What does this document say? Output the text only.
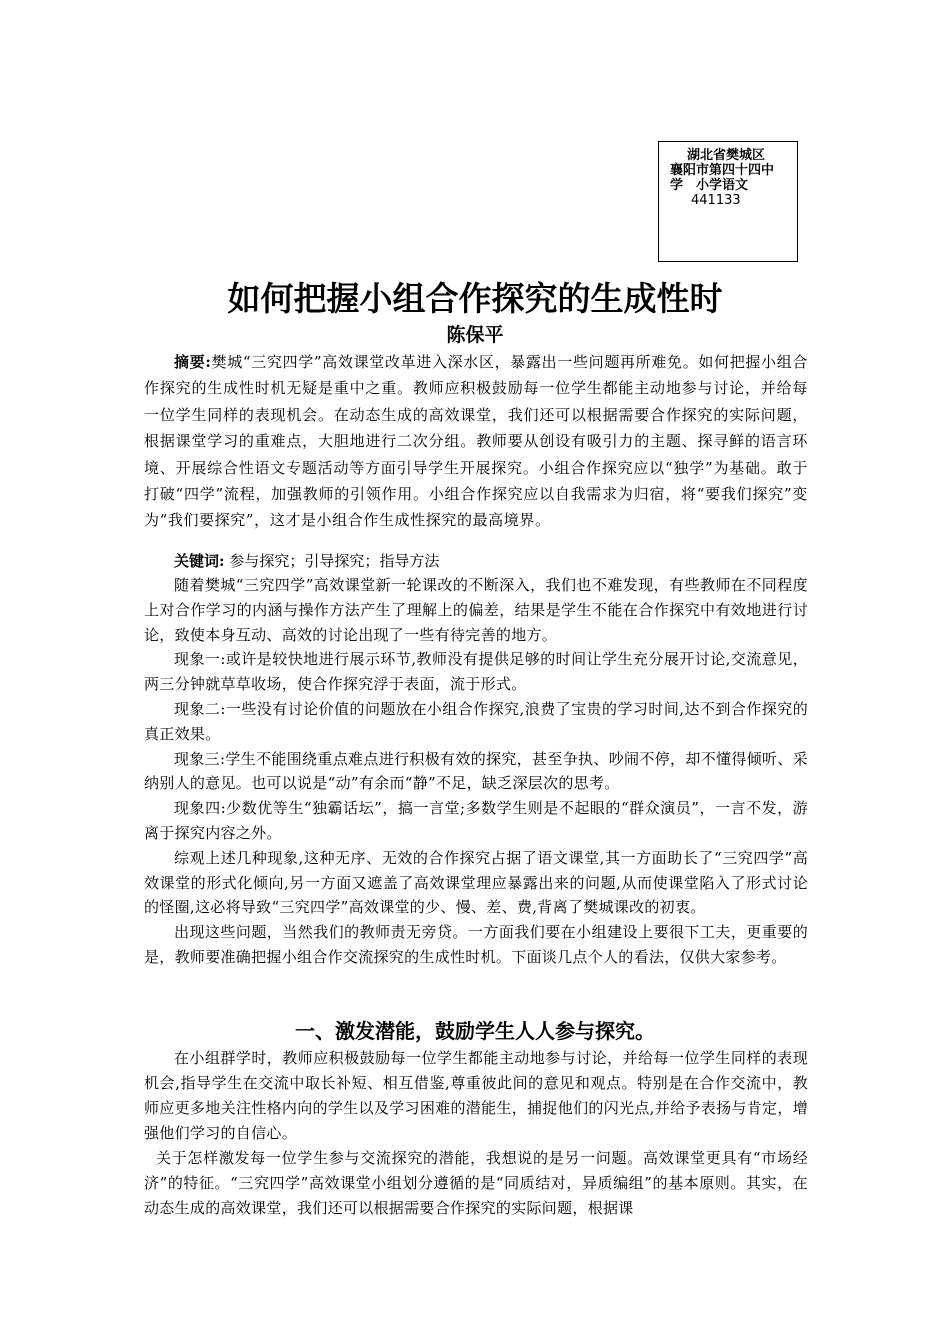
湖北省樊城区
襄阳市第四十四中
学　小学语文
441133
如何把握小组合作探究的生成性时
陈保平

摘要:樊城“三究四学”高效课堂改革进入深水区，暴露出一些问题再所难免。如何把握小组合作探究的生成性时机无疑是重中之重。教师应积极鼓励每一位学生都能主动地参与讨论，并给每一位学生同样的表现机会。在动态生成的高效课堂，我们还可以根据需要合作探究的实际问题，根据课堂学习的重难点，大胆地进行二次分组。教师要从创设有吸引力的主题、探寻鲜的语言环境、开展综合性语文专题活动等方面引导学生开展探究。小组合作探究应以“独学”为基础。敢于打破“四学”流程，加强教师的引领作用。小组合作探究应以自我需求为归宿，将“要我们探究”变为“我们要探究”，这才是小组合作生成性探究的最高境界。

关键词: 参与探究；引导探究；指导方法

随着樊城“三究四学”高效课堂新一轮课改的不断深入，我们也不难发现，有些教师在不同程度上对合作学习的内涵与操作方法产生了理解上的偏差，结果是学生不能在合作探究中有效地进行讨论，致使本身互动、高效的讨论出现了一些有待完善的地方。

现象一:或许是较快地进行展示环节,教师没有提供足够的时间让学生充分展开讨论,交流意见，两三分钟就草草收场，使合作探究浮于表面，流于形式。

现象二:一些没有讨论价值的问题放在小组合作探究,浪费了宝贵的学习时间,达不到合作探究的真正效果。

现象三:学生不能围绕重点难点进行积极有效的探究，甚至争执、吵闹不停，却不懂得倾听、采纳别人的意见。也可以说是“动”有余而“静”不足，缺乏深层次的思考。

现象四:少数优等生“独霸话坛”，搞一言堂;多数学生则是不起眼的“群众演员”，一言不发，游离于探究内容之外。

综观上述几种现象,这种无序、无效的合作探究占据了语文课堂,其一方面助长了“三究四学”高效课堂的形式化倾向,另一方面又遮盖了高效课堂理应暴露出来的问题,从而使课堂陷入了形式讨论的怪圈,这必将导致“三究四学”高效课堂的少、慢、差、费,背离了樊城课改的初衷。

出现这些问题，当然我们的教师责无旁贷。一方面我们要在小组建设上要很下工夫，更重要的是，教师要准确把握小组合作交流探究的生成性时机。下面谈几点个人的看法，仅供大家参考。

一、激发潜能，鼓励学生人人参与探究。

在小组群学时，教师应积极鼓励每一位学生都能主动地参与讨论，并给每一位学生同样的表现机会,指导学生在交流中取长补短、相互借鉴,尊重彼此间的意见和观点。特别是在合作交流中，教师应更多地关注性格内向的学生以及学习困难的潜能生，捕捉他们的闪光点,并给予表扬与肯定，增强他们学习的自信心。

关于怎样激发每一位学生参与交流探究的潜能，我想说的是另一问题。高效课堂更具有“市场经济”的特征。“三究四学”高效课堂小组划分遵循的是“同质结对，异质编组”的基本原则。其实，在动态生成的高效课堂，我们还可以根据需要合作探究的实际问题，根据课
